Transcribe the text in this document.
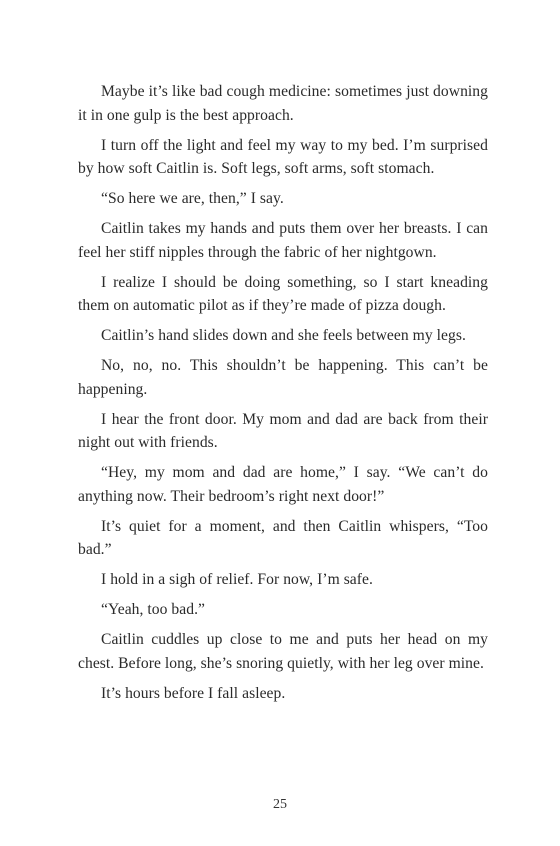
Maybe it’s like bad cough medicine: sometimes just downing it in one gulp is the best approach.

I turn off the light and feel my way to my bed. I’m surprised by how soft Caitlin is. Soft legs, soft arms, soft stomach.

“So here we are, then,” I say.

Caitlin takes my hands and puts them over her breasts. I can feel her stiff nipples through the fabric of her nightgown.

I realize I should be doing something, so I start kneading them on automatic pilot as if they’re made of pizza dough.

Caitlin’s hand slides down and she feels between my legs.

No, no, no. This shouldn’t be happening. This can’t be happening.

I hear the front door. My mom and dad are back from their night out with friends.

“Hey, my mom and dad are home,” I say. “We can’t do anything now. Their bedroom’s right next door!”

It’s quiet for a moment, and then Caitlin whispers, “Too bad.”

I hold in a sigh of relief. For now, I’m safe.

“Yeah, too bad.”

Caitlin cuddles up close to me and puts her head on my chest. Before long, she’s snoring quietly, with her leg over mine.

It’s hours before I fall asleep.

25
